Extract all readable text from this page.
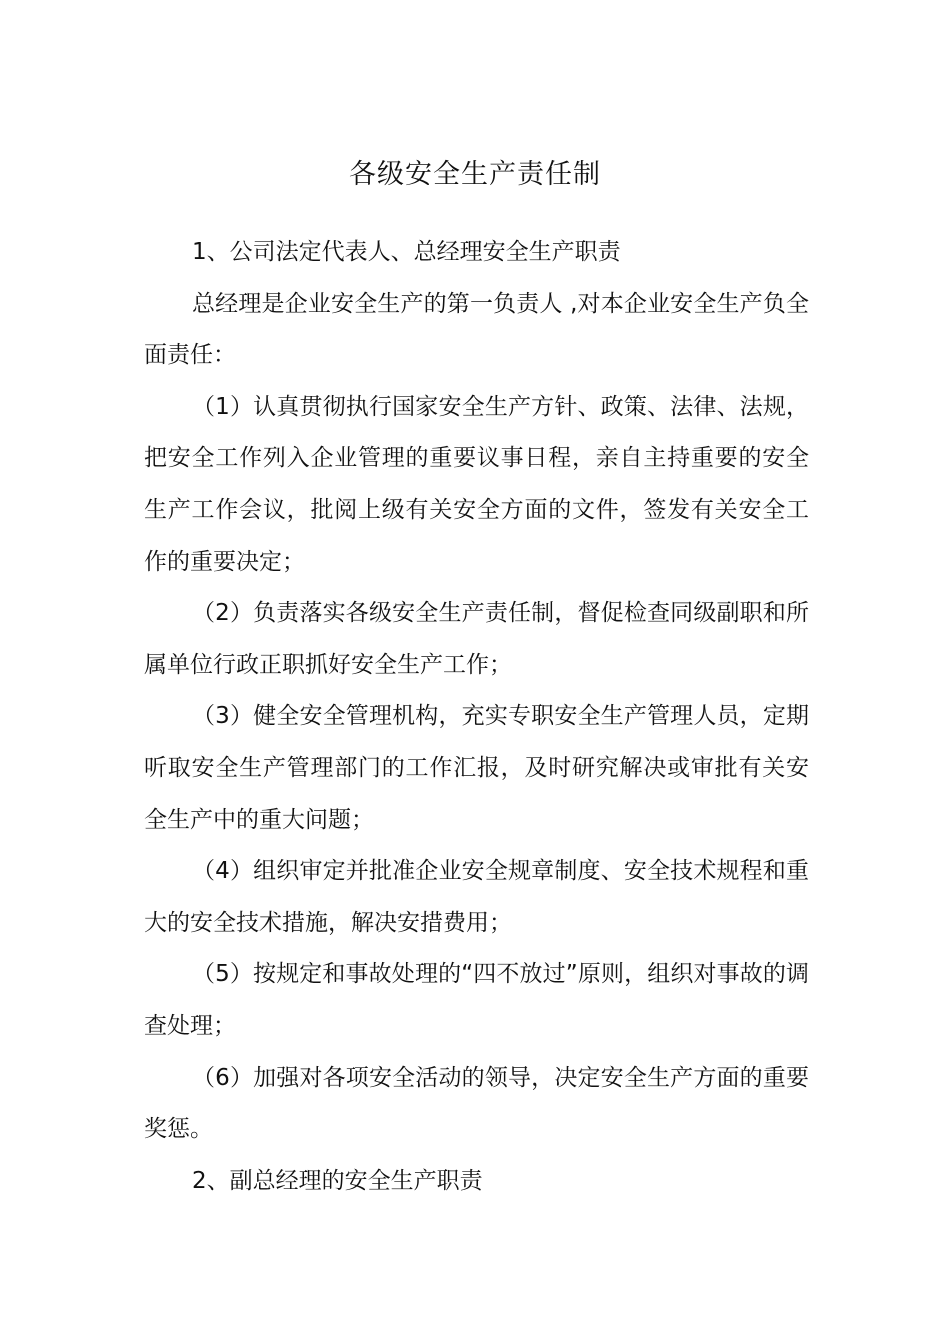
各级安全生产责任制

1、公司法定代表人、总经理安全生产职责

总经理是企业安全生产的第一负责人 ,对本企业安全生产负全面责任：

（1）认真贯彻执行国家安全生产方针、政策、法律、法规，把安全工作列入企业管理的重要议事日程，亲自主持重要的安全生产工作会议，批阅上级有关安全方面的文件，签发有关安全工作的重要决定；

（2）负责落实各级安全生产责任制，督促检查同级副职和所属单位行政正职抓好安全生产工作；

（3）健全安全管理机构，充实专职安全生产管理人员，定期听取安全生产管理部门的工作汇报，及时研究解决或审批有关安全生产中的重大问题；

（4）组织审定并批准企业安全规章制度、安全技术规程和重大的安全技术措施，解决安措费用；

（5）按规定和事故处理的“四不放过”原则，组织对事故的调查处理；

（6）加强对各项安全活动的领导，决定安全生产方面的重要奖惩。

2、副总经理的安全生产职责
